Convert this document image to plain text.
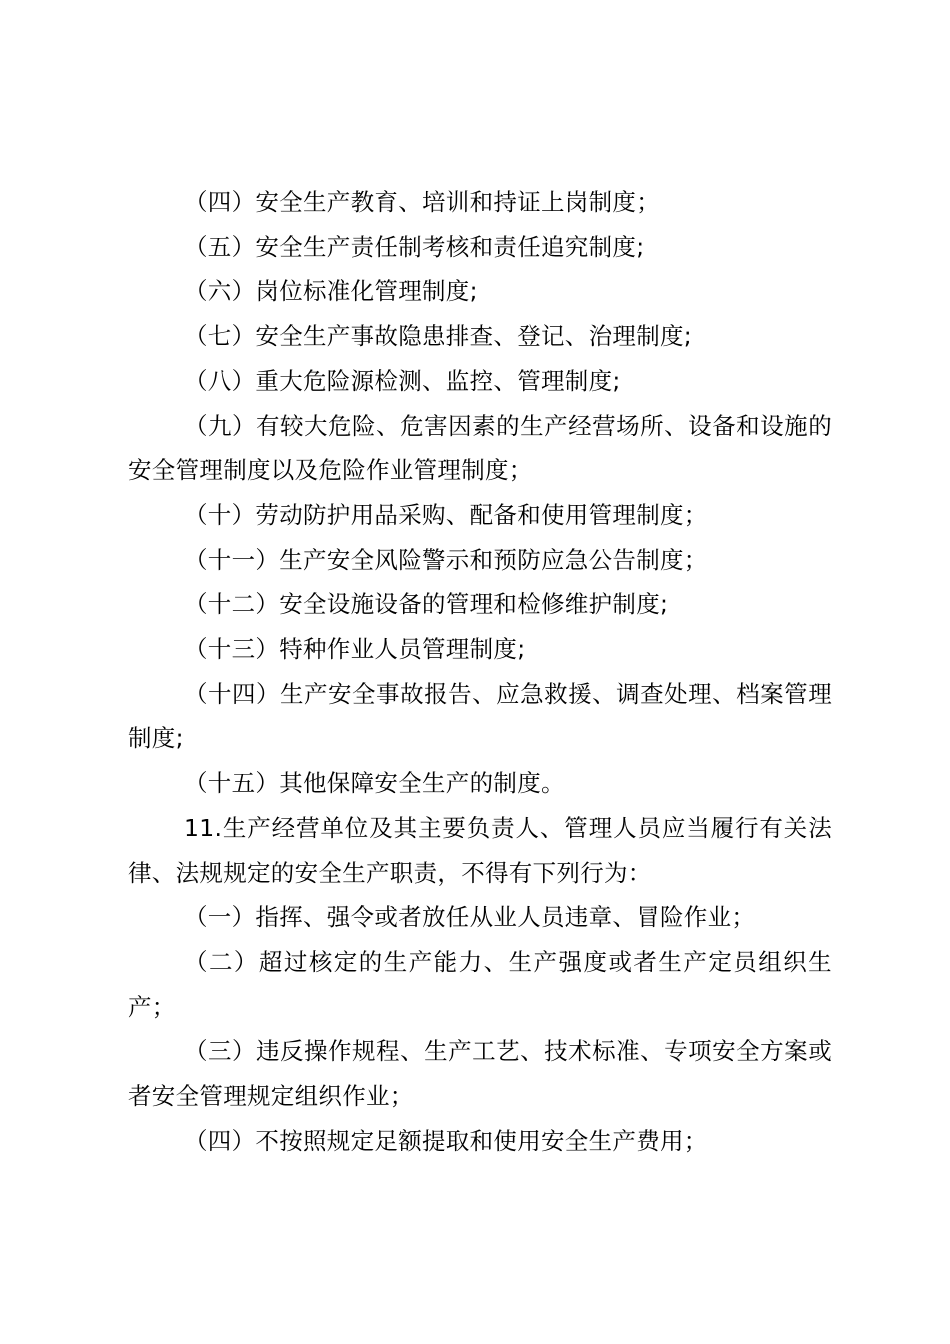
（四）安全生产教育、培训和持证上岗制度；

（五）安全生产责任制考核和责任追究制度;

（六）岗位标准化管理制度;

（七）安全生产事故隐患排查、登记、治理制度;

（八）重大危险源检测、监控、管理制度;

（九）有较大危险、危害因素的生产经营场所、设备和设施的安全管理制度以及危险作业管理制度；

（十）劳动防护用品采购、配备和使用管理制度；

（十一）生产安全风险警示和预防应急公告制度；

（十二）安全设施设备的管理和检修维护制度;

（十三）特种作业人员管理制度;

（十四）生产安全事故报告、应急救援、调查处理、档案管理制度;

（十五）其他保障安全生产的制度。

11.生产经营单位及其主要负责人、管理人员应当履行有关法律、法规规定的安全生产职责，不得有下列行为：

（一）指挥、强令或者放任从业人员违章、冒险作业；

（二）超过核定的生产能力、生产强度或者生产定员组织生产；

（三）违反操作规程、生产工艺、技术标准、专项安全方案或者安全管理规定组织作业；

（四）不按照规定足额提取和使用安全生产费用；
